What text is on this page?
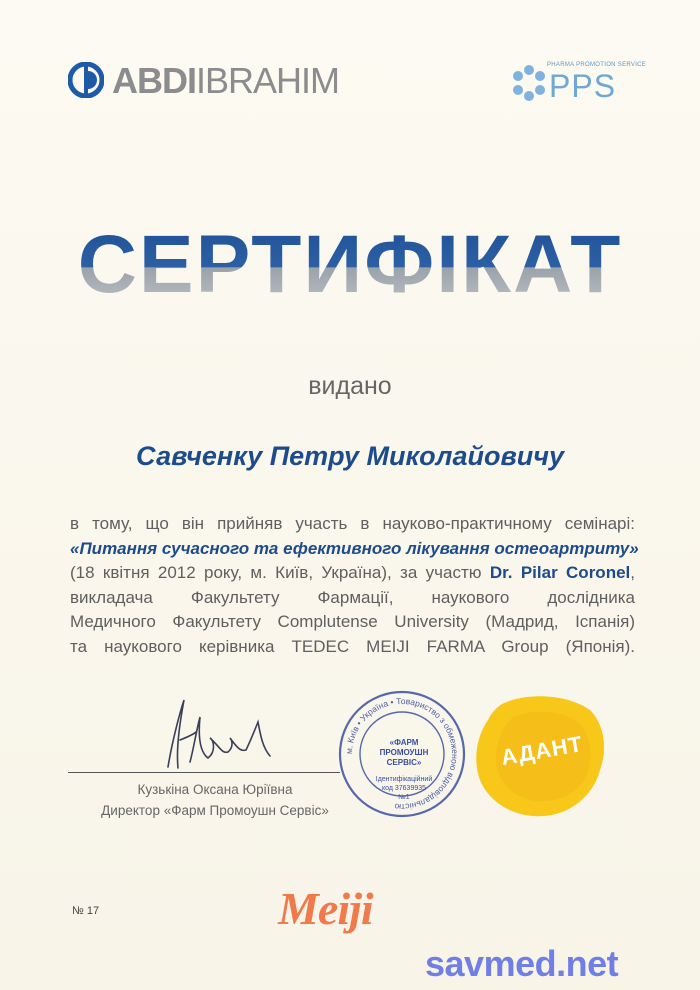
ABDIIBRAHIM	PHARMA PROMOTION SERVICE
PPS
СЕРТИФІКАТ
видано
Савченку Петру Миколайовичу
в тому, що він прийняв участь в науково-практичному семінарі:
«Питання сучасного та ефективного лікування остеоартриту»
(18 квітня 2012 року, м. Київ, Україна), за участю Dr. Pilar Coronel,
викладача Факультету Фармації, наукового дослідника
Медичного Факультету Complutense University (Мадрид, Іспанія)
та наукового керівника TEDEC MEIJI FARMA Group (Японія).
Кузькіна Оксана Юріївна
Директор «Фарм Промоушн Сервіс»
м. Київ • Україна • Товариство з обмеженою відповідальністю
«ФАРМ ПРОМОУШН СЕРВІС»
Ідентифікаційний код 37639935
№1
АДАНТ
№ 17	Meiji
savmed.net
